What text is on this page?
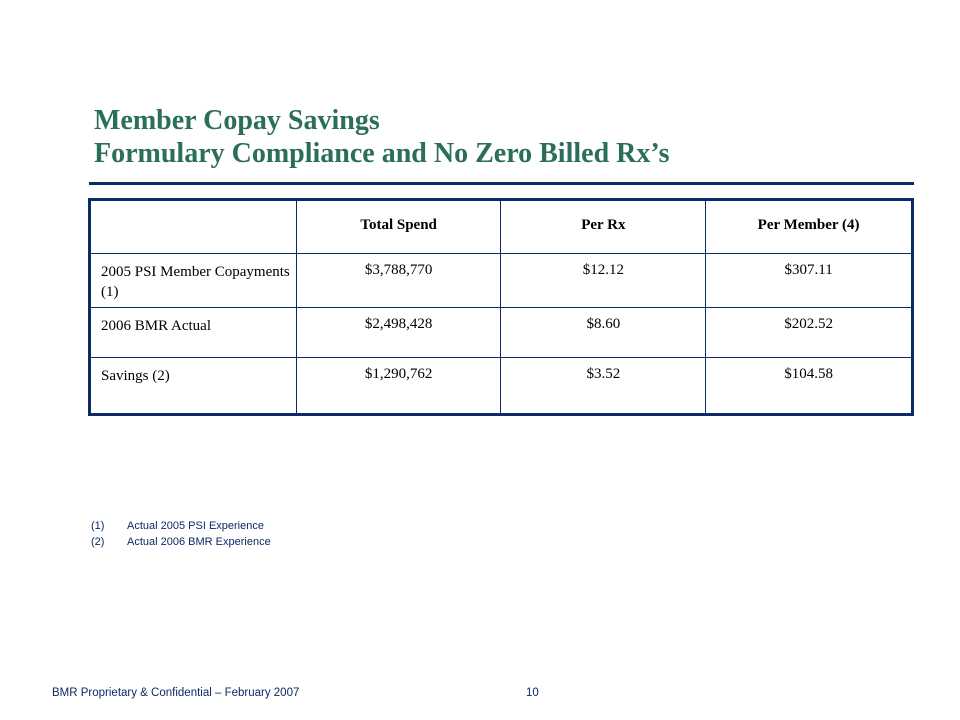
Member Copay Savings
Formulary Compliance and No Zero Billed Rx’s
	Total Spend	Per Rx	Per Member (4)
2005 PSI Member Copayments (1)	$3,788,770	$12.12	$307.11
2006 BMR Actual	$2,498,428	$8.60	$202.52
Savings (2)	$1,290,762	$3.52	$104.58
(1)	Actual 2005 PSI Experience
(2)	Actual 2006 BMR Experience
BMR Proprietary & Confidential – February 2007	10
